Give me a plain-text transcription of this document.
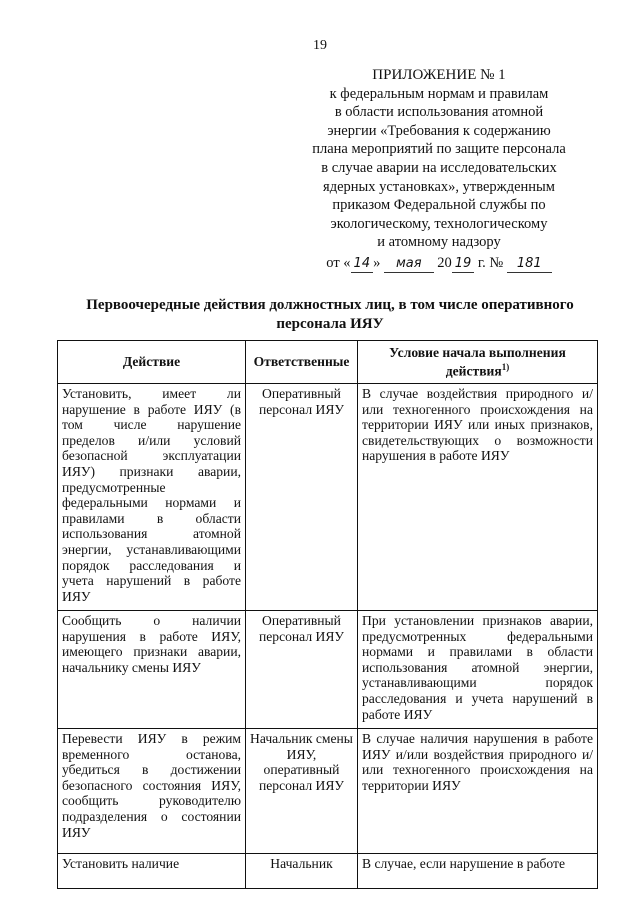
19
ПРИЛОЖЕНИЕ № 1
к федеральным нормам и правилам
в области использования атомной
энергии «Требования к содержанию
плана мероприятий по защите персонала
в случае аварии на исследовательских
ядерных установках», утвержденным
приказом Федеральной службы по
экологическому, технологическому
и атомному надзору
от « 14 » мая 20 19 г. № 181
Первоочередные действия должностных лиц, в том числе оперативного персонала ИЯУ
Действие	Ответственные	Условие начала выполнения действия$^{1)}$
Установить, имеет ли нарушение в работе ИЯУ (в том числе нарушение пределов и/или условий безопасной эксплуатации ИЯУ) признаки аварии, предусмотренные федеральными нормами и правилами в области использования атомной энергии, устанавливающими порядок расследования и учета нарушений в работе ИЯУ	Оперативный персонал ИЯУ	В случае воздействия природного и/или техногенного происхождения на территории ИЯУ или иных признаков, свидетельствующих о возможности нарушения в работе ИЯУ
Сообщить о наличии нарушения в работе ИЯУ, имеющего признаки аварии, начальнику смены ИЯУ	Оперативный персонал ИЯУ	При установлении признаков аварии, предусмотренных федеральными нормами и правилами в области использования атомной энергии, устанавливающими порядок расследования и учета нарушений в работе ИЯУ
Перевести ИЯУ в режим временного останова, убедиться в достижении безопасного состояния ИЯУ, сообщить руководителю подразделения о состоянии ИЯУ	Начальник смены ИЯУ, оперативный персонал ИЯУ	В случае наличия нарушения в работе ИЯУ и/или воздействия природного и/или техногенного происхождения на территории ИЯУ
Установить наличие	Начальник	В случае, если нарушение в работе
